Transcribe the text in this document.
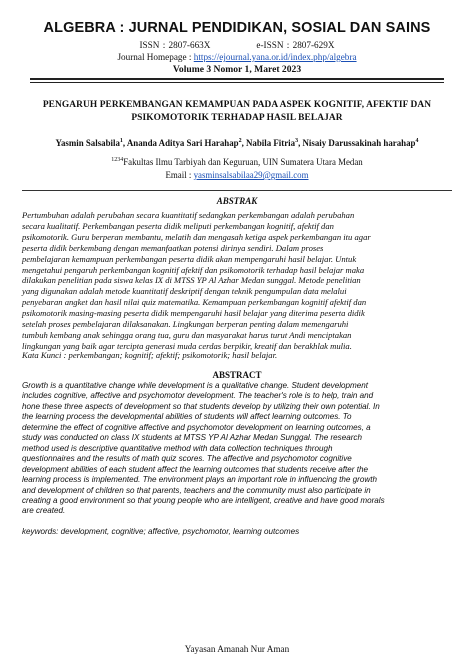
ALGEBRA : JURNAL PENDIDIKAN, SOSIAL DAN SAINS
ISSN : 2807-663X	e-ISSN : 2807-629X
Journal Homepage : https://ejournal.yana.or.id/index.php/algebra
Volume 3 Nomor 1, Maret 2023
PENGARUH PERKEMBANGAN KEMAMPUAN PADA ASPEK KOGNITIF, AFEKTIF DAN
PSIKOMOTORIK TERHADAP HASIL BELAJAR
Yasmin Salsabila$^1$, Ananda Aditya Sari Harahap$^2$, Nabila Fitria$^3$, Nisaiy Darussakinah harahap$^4$
$^{1234}$Fakultas Ilmu Tarbiyah dan Keguruan, UIN Sumatera Utara Medan
Email : yasminsalsabilaa29@gmail.com
ABSTRAK
Pertumbuhan adalah perubahan secara kuantitatif sedangkan perkembangan adalah perubahan
secara kualitatif. Perkembangan peserta didik meliputi perkembangan kognitif, afektif dan
psikomotorik. Guru berperan membantu, melatih dan mengasah ketiga aspek perkembangan itu agar
peserta didik berkembang dengan memanfaatkan potensi dirinya sendiri. Dalam proses
pembelajaran kemampuan perkembangan peserta didik akan mempengaruhi hasil belajar. Untuk
mengetahui pengaruh perkembangan kognitif afektif dan psikomotorik terhadap hasil belajar maka
dilakukan penelitian pada siswa kelas IX di MTSS YP Al Azhar Medan sunggal. Metode penelitian
yang digunakan adalah metode kuantitatif deskriptif dengan teknik pengumpulan data melalui
penyebaran angket dan hasil nilai quiz matematika. Kemampuan perkembangan kognitif afektif dan
psikomotorik masing-masing peserta didik mempengaruhi hasil belajar yang diterima peserta didik
setelah proses pembelajaran dilaksanakan. Lingkungan berperan penting dalam memengaruhi
tumbuh kembang anak sehingga orang tua, guru dan masyarakat harus turut Andi menciptakan
lingkungan yang baik agar tercipta generasi muda cerdas berpikir, kreatif dan berakhlak mulia.
Kata Kunci : perkembangan; kognitif; afektif; psikomotorik; hasil belajar.
ABSTRACT
Growth is a quantitative change while development is a qualitative change. Student development
includes cognitive, affective and psychomotor development. The teacher's role is to help, train and
hone these three aspects of development so that students develop by utilizing their own potential. In
the learning process the developmental abilities of students will affect learning outcomes. To
determine the effect of cognitive affective and psychomotor development on learning outcomes, a
study was conducted on class IX students at MTSS YP Al Azhar Medan Sunggal. The research
method used is descriptive quantitative method with data collection techniques through
questionnaires and the results of math quiz scores. The affective and psychomotor cognitive
development abilities of each student affect the learning outcomes that students receive after the
learning process is implemented. The environment plays an important role in influencing the growth
and development of children so that parents, teachers and the community must also participate in
creating a good environment so that young people who are intelligent, creative and have good morals
are created.
keywords: development, cognitive; affective, psychomotor, learning outcomes
Yayasan Amanah Nur Aman
